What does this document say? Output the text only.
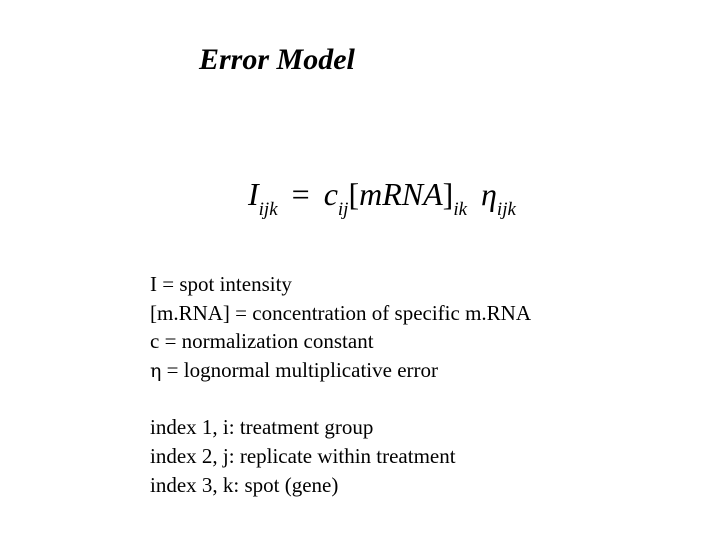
Error Model
$I_{ijk}$ = $c_{ij}[mRNA]_{ik}$ $\eta_{ijk}$
I = spot intensity
[m.RNA] = concentration of specific m.RNA
c = normalization constant
η = lognormal multiplicative error
index 1, i: treatment group
index 2, j: replicate within treatment
index 3, k: spot (gene)
